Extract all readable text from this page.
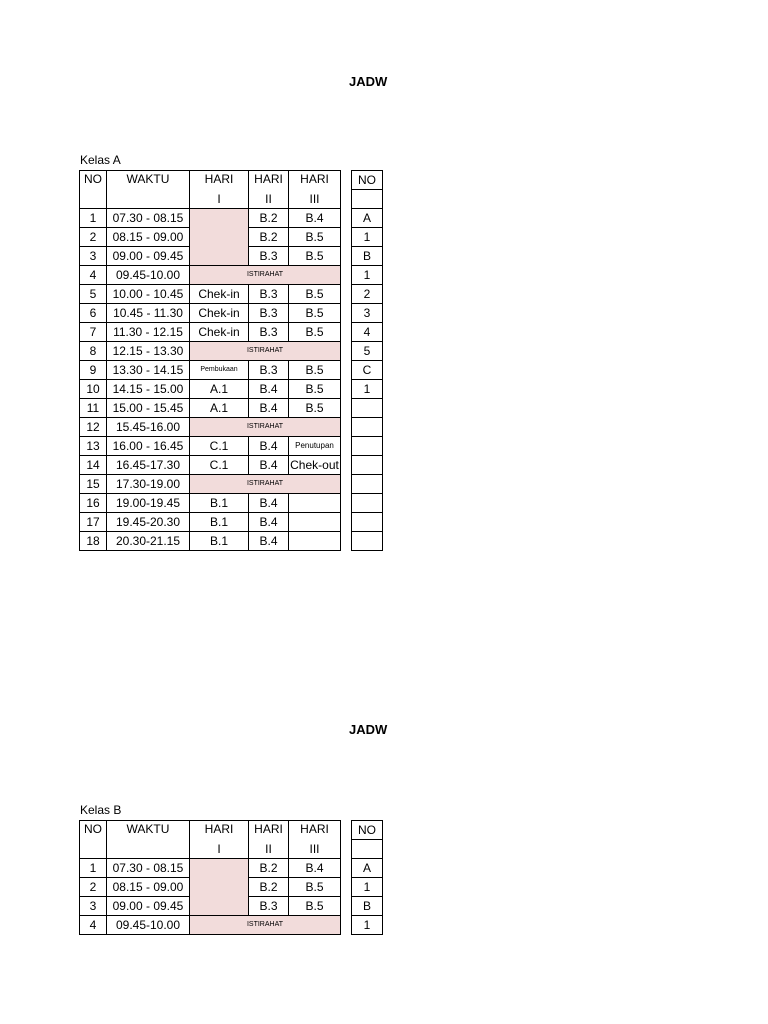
JADW
Kelas A
NO	WAKTU	HARI	HARI	HARI
		I	II	III
1	07.30 - 08.15		B.2	B.4
2	08.15 - 09.00		B.2	B.5
3	09.00 - 09.45		B.3	B.5
4	09.45-10.00	ISTIRAHAT		
5	10.00 - 10.45	Chek-in	B.3	B.5
6	10.45 - 11.30	Chek-in	B.3	B.5
7	11.30 - 12.15	Chek-in	B.3	B.5
8	12.15 - 13.30	ISTIRAHAT		
9	13.30 - 14.15	Pembukaan	B.3	B.5
10	14.15 - 15.00	A.1	B.4	B.5
11	15.00 - 15.45	A.1	B.4	B.5
12	15.45-16.00	ISTIRAHAT		
13	16.00 - 16.45	C.1	B.4	Penutupan
14	16.45-17.30	C.1	B.4	Chek-out
15	17.30-19.00	ISTIRAHAT		
16	19.00-19.45	B.1	B.4	
17	19.45-20.30	B.1	B.4	
18	20.30-21.15	B.1	B.4	
NO

A
1
B
1
2
3
4
5
C
1

JADW
Kelas B
NO	WAKTU	HARI	HARI	HARI
		I	II	III
1	07.30 - 08.15		B.2	B.4
2	08.15 - 09.00		B.2	B.5
3	09.00 - 09.45		B.3	B.5
4	09.45-10.00	ISTIRAHAT		
NO

A
1
B
1
